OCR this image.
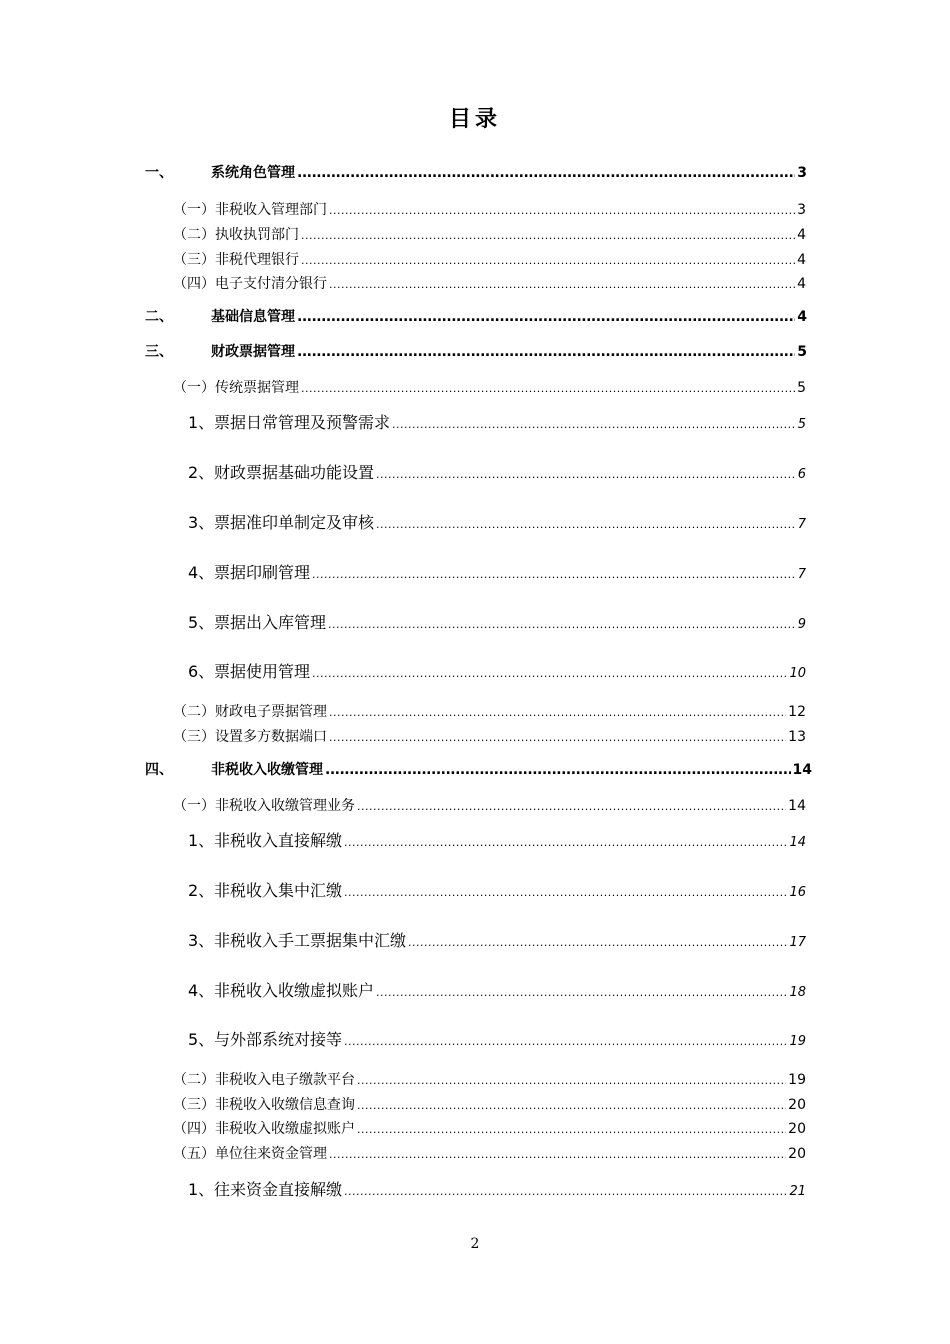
目录
一、	系统角色管理 .....	3
（一） 非税收入管理部门 .....	3
（二） 执收执罚部门 .....	4
（三） 非税代理银行 .....	4
（四） 电子支付清分银行 .....	4
二、	基础信息管理 .....	4
三、	财政票据管理 .....	5
（一） 传统票据管理 .....	5
1、 票据日常管理及预警需求 .....	5
2、 财政票据基础功能设置 .....	6
3、 票据准印单制定及审核 .....	7
4、 票据印刷管理 .....	7
5、 票据出入库管理 .....	9
6、 票据使用管理 .....	10
（二） 财政电子票据管理 .....	12
（三） 设置多方数据端口 .....	13
四、	非税收入收缴管理 .....	14
（一） 非税收入收缴管理业务 .....	14
1、 非税收入直接解缴 .....	14
2、 非税收入集中汇缴 .....	16
3、 非税收入手工票据集中汇缴 .....	17
4、 非税收入收缴虚拟账户 .....	18
5、 与外部系统对接等 .....	19
（二） 非税收入电子缴款平台 .....	19
（三） 非税收入收缴信息查询 .....	20
（四） 非税收入收缴虚拟账户 .....	20
（五） 单位往来资金管理 .....	20
1、 往来资金直接解缴 .....	21
2
